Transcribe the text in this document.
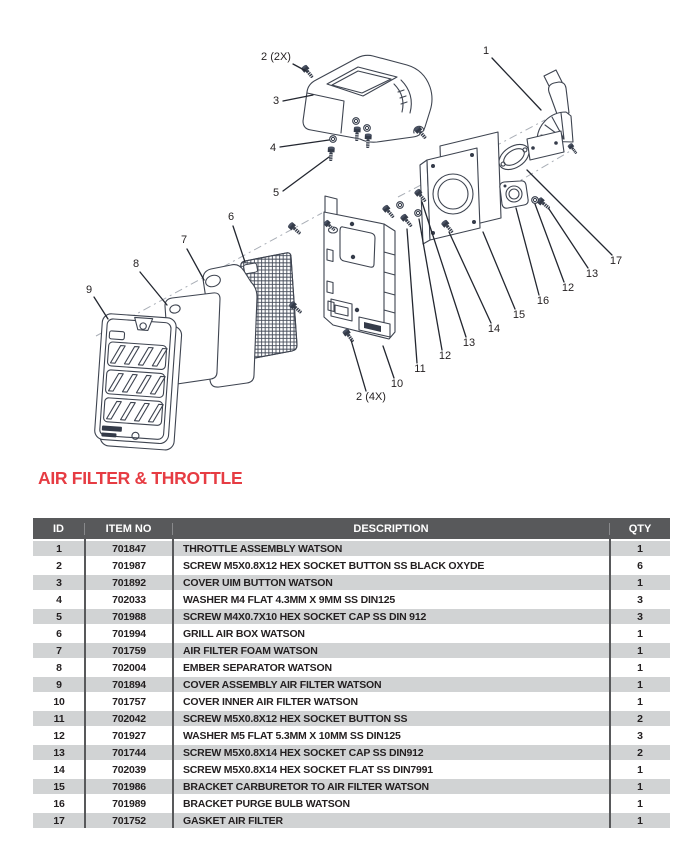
1
2 (2X)
3
4
5
6
7
8
9
10
11
12
13
14
15
16
12
13
17
2 (4X)
AIR FILTER & THROTTLE
ID	ITEM NO	DESCRIPTION	QTY
1	701847	THROTTLE ASSEMBLY WATSON	1
2	701987	SCREW M5X0.8X12 HEX SOCKET BUTTON SS BLACK OXYDE	6
3	701892	COVER UIM BUTTON WATSON	1
4	702033	WASHER M4 FLAT 4.3MM X 9MM SS DIN125	3
5	701988	SCREW M4X0.7X10 HEX SOCKET CAP SS DIN 912	3
6	701994	GRILL AIR BOX WATSON	1
7	701759	AIR FILTER FOAM WATSON	1
8	702004	EMBER SEPARATOR WATSON	1
9	701894	COVER ASSEMBLY AIR FILTER WATSON	1
10	701757	COVER INNER AIR FILTER WATSON	1
11	702042	SCREW M5X0.8X12 HEX SOCKET BUTTON SS	2
12	701927	WASHER M5 FLAT 5.3MM X 10MM SS DIN125	3
13	701744	SCREW M5X0.8X14 HEX SOCKET CAP SS DIN912	2
14	702039	SCREW M5X0.8X14 HEX SOCKET FLAT SS DIN7991	1
15	701986	BRACKET CARBURETOR TO AIR FILTER WATSON	1
16	701989	BRACKET PURGE BULB WATSON	1
17	701752	GASKET AIR FILTER	1
